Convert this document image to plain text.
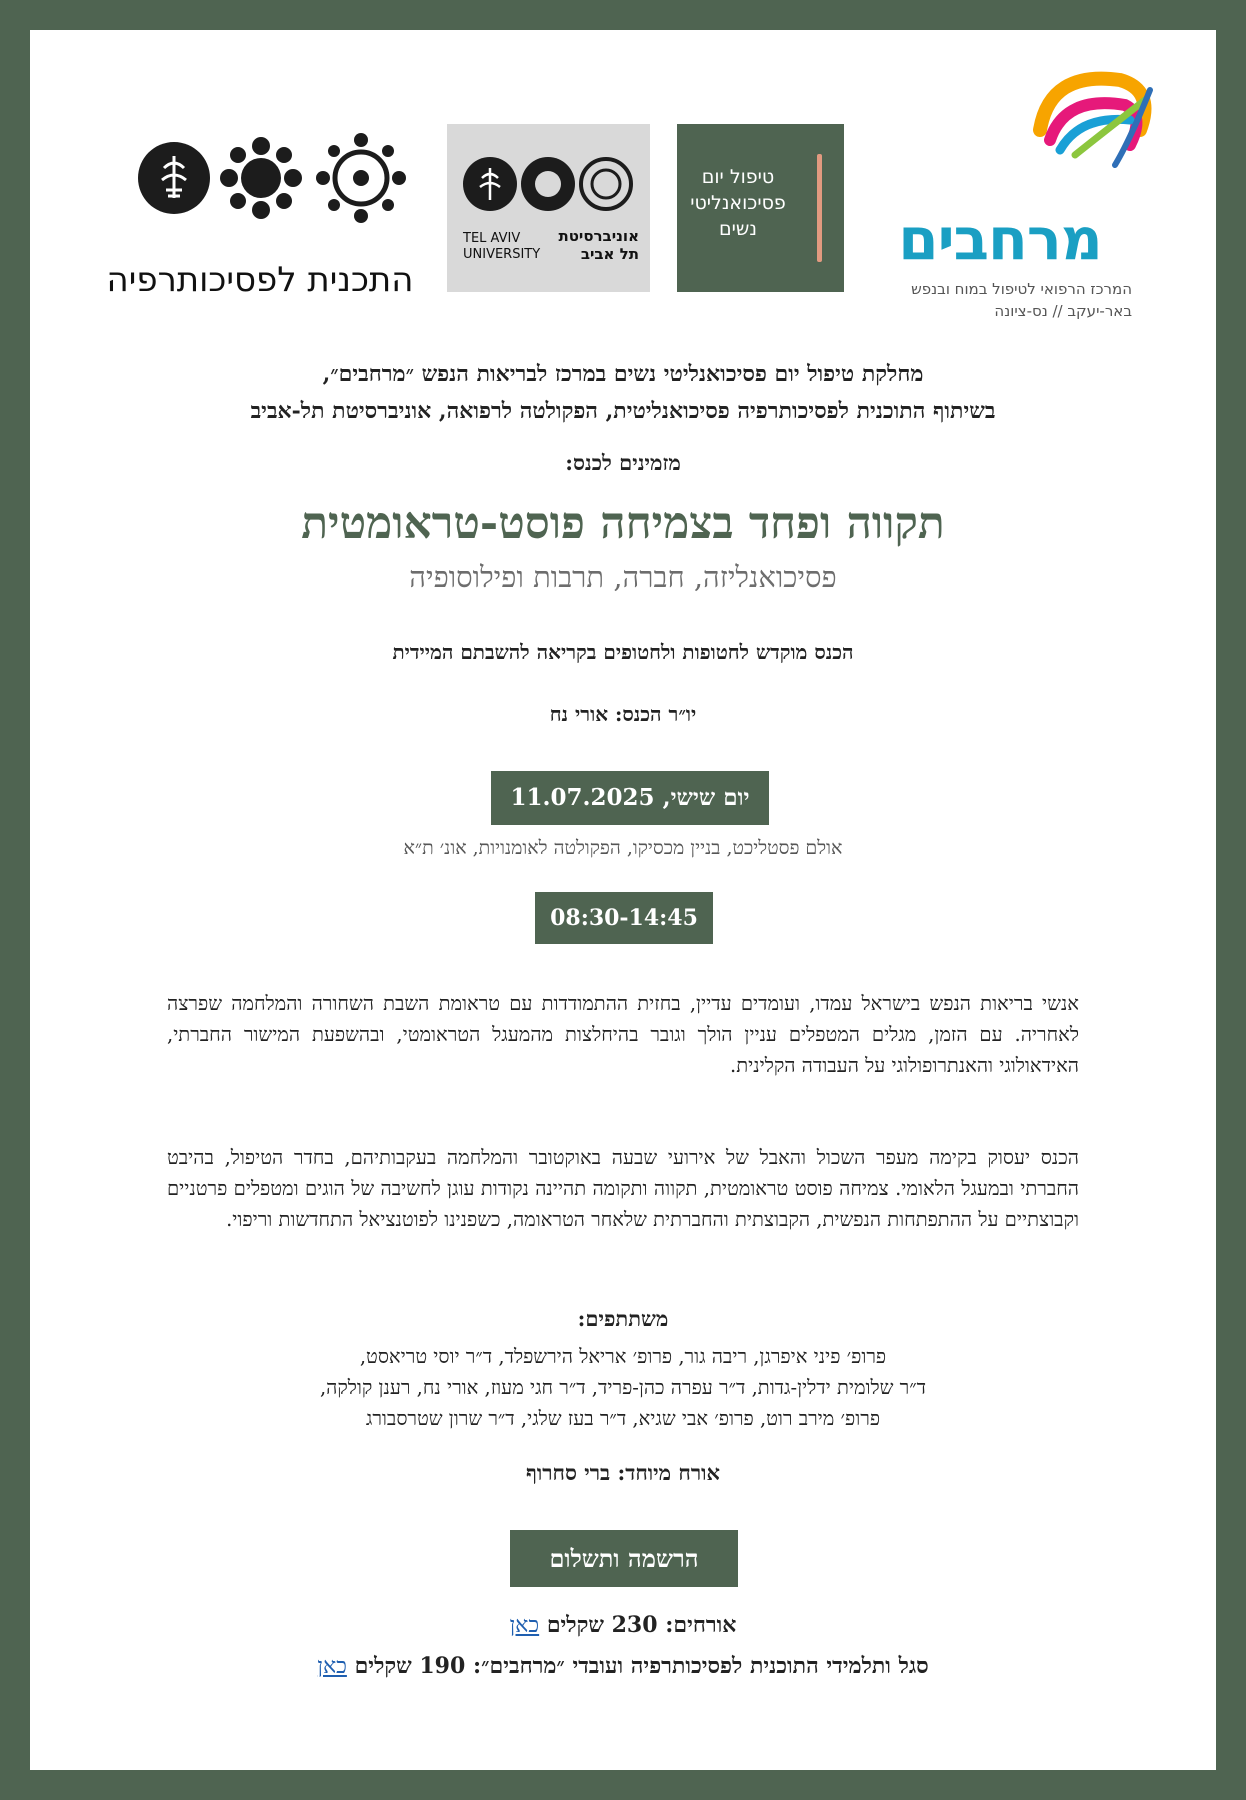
התכנית לפסיכותרפיה
TEL AVIV
UNIVERSITY
אוניברסיטת
תל אביב
טיפול יום
פסיכואנליטי
נשים	מרחבים
המרכז הרפואי לטיפול במוח ובנפש
באר-יעקב // נס-ציונה
מחלקת טיפול יום פסיכואנליטי נשים במרכז לבריאות הנפש ״מרחבים״,
בשיתוף התוכנית לפסיכותרפיה פסיכואנליטית, הפקולטה לרפואה, אוניברסיטת תל-אביב
מזמינים לכנס:
תקווה ופחד בצמיחה פוסט-טראומטית
פסיכואנליזה, חברה, תרבות ופילוסופיה
הכנס מוקדש לחטופות ולחטופים בקריאה להשבתם המיידית
יו״ר הכנס: אורי נח
יום שישי, 11.07.2025
אולם פסטליכט, בניין מכסיקו, הפקולטה לאומנויות, אונ׳ ת״א
08:30-14:45
אנשי בריאות הנפש בישראל עמדו, ועומדים עדיין, בחזית ההתמודדות עם טראומת השבת השחורה והמלחמה שפרצה לאחריה. עם הזמן, מגלים המטפלים עניין הולך וגובר בהיחלצות מהמעגל הטראומטי, ובהשפעת המישור החברתי, האידאולוגי והאנתרופולוגי על העבודה הקלינית.
הכנס יעסוק בקימה מעפר השכול והאבל של אירועי שבעה באוקטובר והמלחמה בעקבותיהם, בחדר הטיפול, בהיבט החברתי ובמעגל הלאומי. צמיחה פוסט טראומטית, תקווה ותקומה תהיינה נקודות עוגן לחשיבה של הוגים ומטפלים פרטניים וקבוצתיים על ההתפתחות הנפשית, הקבוצתית והחברתית שלאחר הטראומה, כשפנינו לפוטנציאל התחדשות וריפוי.
משתתפים:
פרופ׳ פיני איפרגן, ריבה גור, פרופ׳ אריאל הירשפלד, ד״ר יוסי טריאסט,
ד״ר שלומית ידלין-גדות, ד״ר עפרה כהן-פריד, ד״ר חגי מעוז, אורי נח, רענן קולקה,
פרופ׳ מירב רוט, פרופ׳ אבי שגיא, ד״ר בעז שלגי, ד״ר שרון שטרסבורג
אורח מיוחד: ברי סחרוף
הרשמה ותשלום
אורחים: 230 שקלים כאן
סגל ותלמידי התוכנית לפסיכותרפיה ועובדי ״מרחבים״: 190 שקלים כאן
